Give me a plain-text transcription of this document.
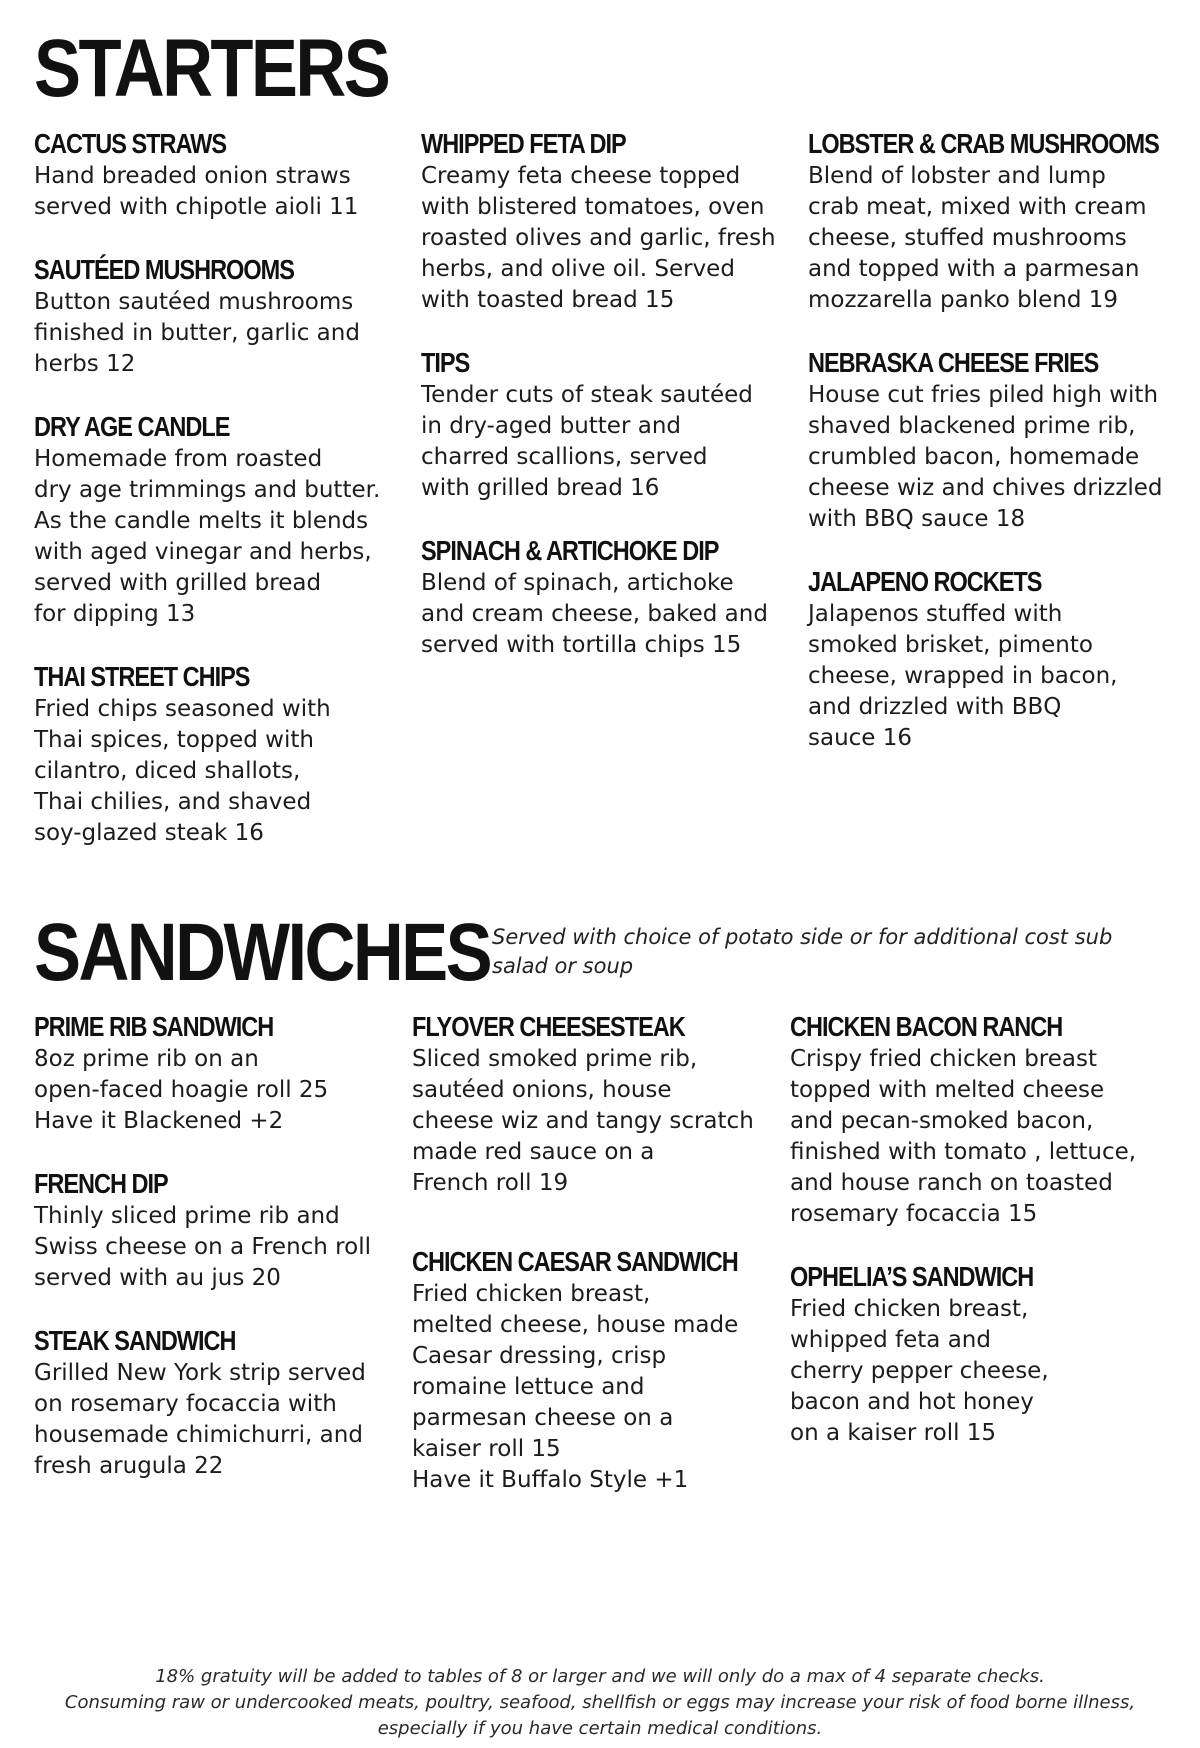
STARTERS
CACTUS STRAWS
Hand breaded onion straws
served with chipotle aioli 11
SAUTÉED MUSHROOMS
Button sautéed mushrooms
finished in butter, garlic and
herbs 12
DRY AGE CANDLE
Homemade from roasted
dry age trimmings and butter.
As the candle melts it blends
with aged vinegar and herbs,
served with grilled bread
for dipping 13
THAI STREET CHIPS
Fried chips seasoned with
Thai spices, topped with
cilantro, diced shallots,
Thai chilies, and shaved
soy-glazed steak 16
WHIPPED FETA DIP
Creamy feta cheese topped
with blistered tomatoes, oven
roasted olives and garlic, fresh
herbs, and olive oil. Served
with toasted bread 15
TIPS
Tender cuts of steak sautéed
in dry-aged butter and
charred scallions, served
with grilled bread 16
SPINACH & ARTICHOKE DIP
Blend of spinach, artichoke
and cream cheese, baked and
served with tortilla chips 15
LOBSTER & CRAB MUSHROOMS
Blend of lobster and lump
crab meat, mixed with cream
cheese, stuffed mushrooms
and topped with a parmesan
mozzarella panko blend 19
NEBRASKA CHEESE FRIES
House cut fries piled high with
shaved blackened prime rib,
crumbled bacon, homemade
cheese wiz and chives drizzled
with BBQ sauce 18
JALAPENO ROCKETS
Jalapenos stuffed with
smoked brisket, pimento
cheese, wrapped in bacon,
and drizzled with BBQ
sauce 16
SANDWICHES Served with choice of potato side or for additional cost sub salad or soup
PRIME RIB SANDWICH
8oz prime rib on an
open-faced hoagie roll 25
Have it Blackened +2
FRENCH DIP
Thinly sliced prime rib and
Swiss cheese on a French roll
served with au jus 20
STEAK SANDWICH
Grilled New York strip served
on rosemary focaccia with
housemade chimichurri, and
fresh arugula 22
FLYOVER CHEESESTEAK
Sliced smoked prime rib,
sautéed onions, house
cheese wiz and tangy scratch
made red sauce on a
French roll 19
CHICKEN CAESAR SANDWICH
Fried chicken breast,
melted cheese, house made
Caesar dressing, crisp
romaine lettuce and
parmesan cheese on a
kaiser roll 15
Have it Buffalo Style +1
CHICKEN BACON RANCH
Crispy fried chicken breast
topped with melted cheese
and pecan-smoked bacon,
finished with tomato , lettuce,
and house ranch on toasted
rosemary focaccia 15
OPHELIA’S SANDWICH
Fried chicken breast,
whipped feta and
cherry pepper cheese,
bacon and hot honey
on a kaiser roll 15
18% gratuity will be added to tables of 8 or larger and we will only do a max of 4 separate checks.
Consuming raw or undercooked meats, poultry, seafood, shellfish or eggs may increase your risk of food borne illness,
especially if you have certain medical conditions.
